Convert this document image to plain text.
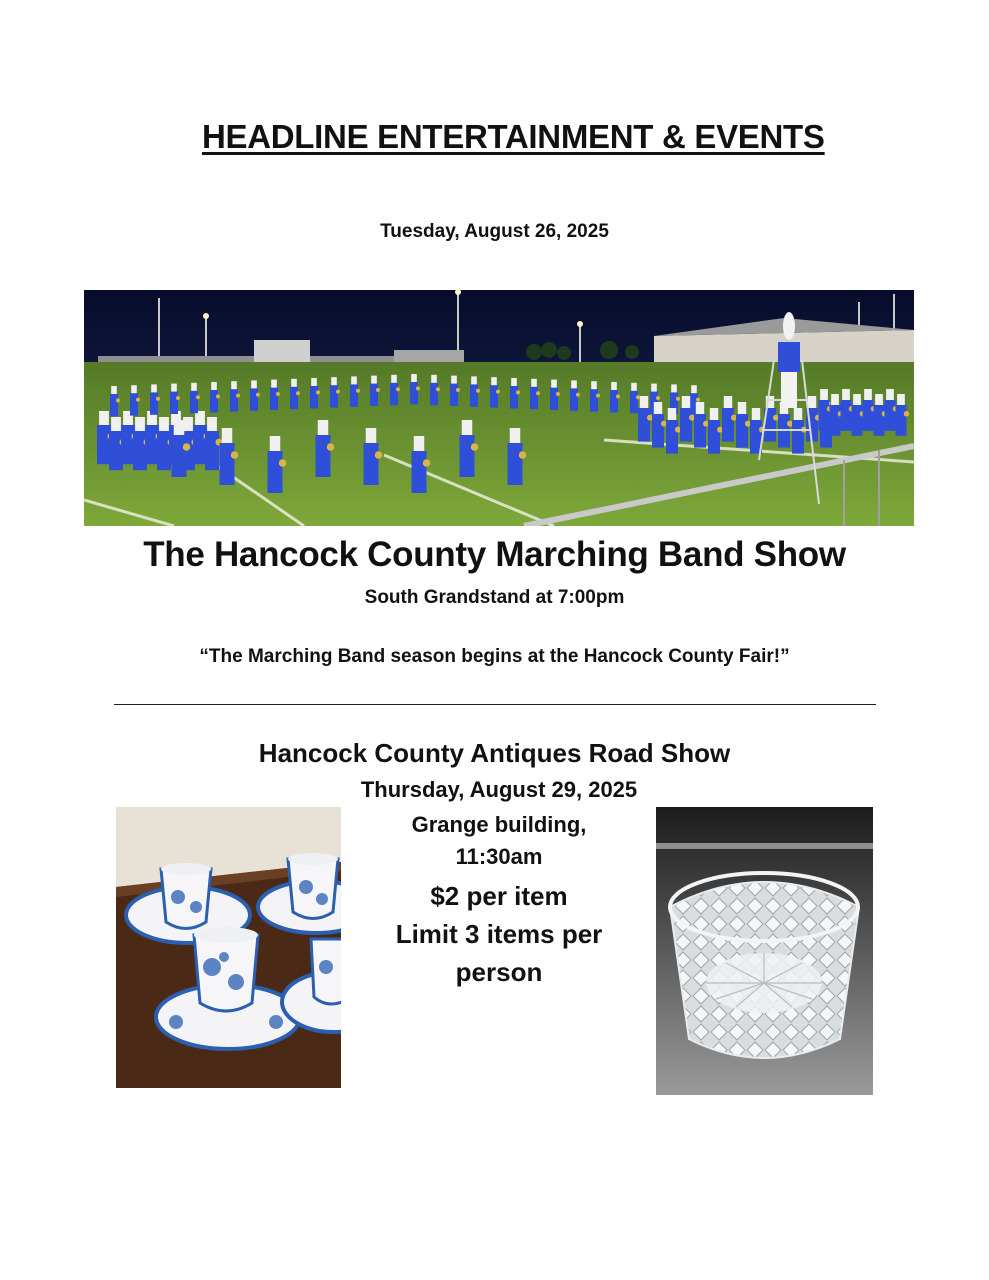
HEADLINE ENTERTAINMENT & EVENTS
Tuesday, August 26, 2025
The Hancock County Marching Band Show
South Grandstand at 7:00pm
“The Marching Band season begins at the Hancock County Fair!”
Hancock County Antiques Road Show
Thursday, August 29, 2025
Grange building,
11:30am
$2 per item
Limit 3 items per
person
